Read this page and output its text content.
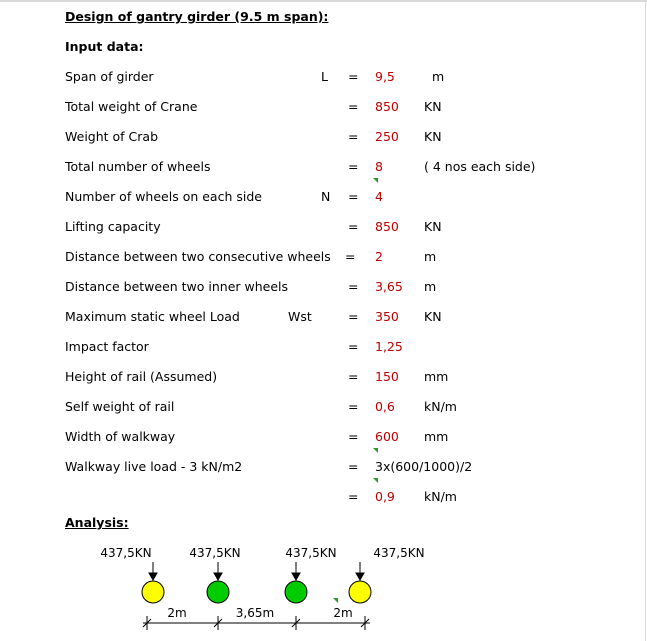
Design of gantry girder (9.5 m span):
Input data:
Span of girder	L = 9,5	m
Total weight of Crane	= 850 KN
Weight of Crab	= 250 KN
Total number of wheels	= 8	( 4 nos each side)
Number of wheels on each side	N = 4
Lifting capacity	= 850 KN
Distance between two consecutive wheels = 2	m
Distance between two inner wheels	= 3,65 m
Maximum static wheel Load	Wst	= 350 KN
Impact factor	= 1,25
Height of rail (Assumed)	= 150 mm
Self weight of rail	= 0,6 kN/m
Width of walkway	= 600 mm
Walkway live load - 3 kN/m2	= 3x(600/1000)/2
= 0,9 kN/m
Analysis:
437,5KN	437,5KN	437,5KN	437,5KN
2m	3,65m	2m
